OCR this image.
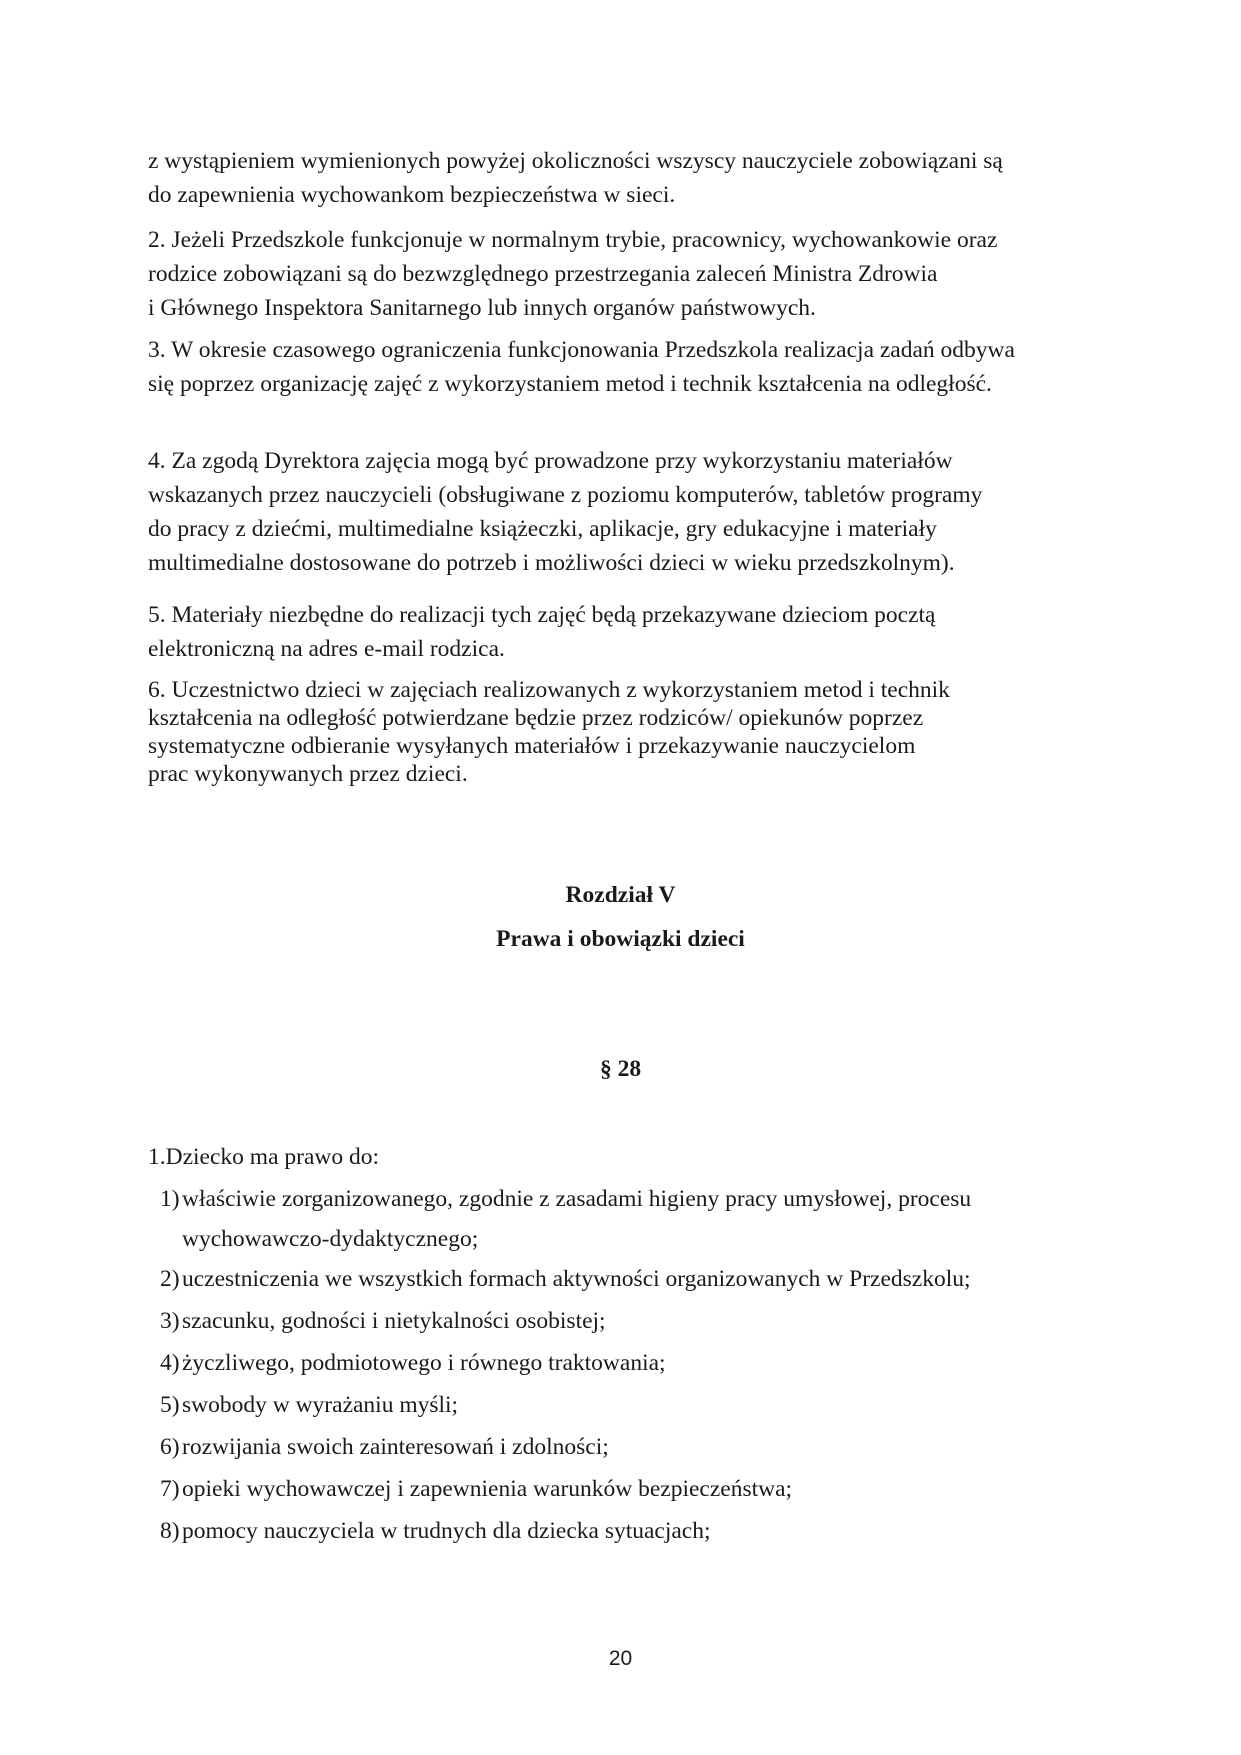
z wystąpieniem wymienionych powyżej okoliczności wszyscy nauczyciele zobowiązani są
do zapewnienia wychowankom bezpieczeństwa w sieci.
2. Jeżeli Przedszkole funkcjonuje w normalnym trybie, pracownicy, wychowankowie oraz
rodzice zobowiązani są do bezwzględnego przestrzegania zaleceń Ministra Zdrowia
i Głównego Inspektora Sanitarnego lub innych organów państwowych.
3. W okresie czasowego ograniczenia funkcjonowania Przedszkola realizacja zadań odbywa
się poprzez organizację zajęć z wykorzystaniem metod i technik kształcenia na odległość.
4. Za zgodą Dyrektora zajęcia mogą być prowadzone przy wykorzystaniu materiałów
wskazanych przez nauczycieli (obsługiwane z poziomu komputerów, tabletów programy
do pracy z dziećmi, multimedialne książeczki, aplikacje, gry edukacyjne i materiały
multimedialne dostosowane do potrzeb i możliwości dzieci w wieku przedszkolnym).
5. Materiały niezbędne do realizacji tych zajęć będą przekazywane dzieciom pocztą
elektroniczną na adres e-mail rodzica.
6. Uczestnictwo dzieci w zajęciach realizowanych z wykorzystaniem metod i technik
kształcenia na odległość potwierdzane będzie przez rodziców/ opiekunów poprzez
systematyczne odbieranie wysyłanych materiałów i przekazywanie nauczycielom
prac wykonywanych przez dzieci.
Rozdział V
Prawa i obowiązki dzieci
§ 28
1.Dziecko ma prawo do:
1) właściwie zorganizowanego, zgodnie z zasadami higieny pracy umysłowej, procesu
wychowawczo-dydaktycznego;
2) uczestniczenia we wszystkich formach aktywności organizowanych w Przedszkolu;
3) szacunku, godności i nietykalności osobistej;
4) życzliwego, podmiotowego i równego traktowania;
5) swobody w wyrażaniu myśli;
6) rozwijania swoich zainteresowań i zdolności;
7) opieki wychowawczej i zapewnienia warunków bezpieczeństwa;
8) pomocy nauczyciela w trudnych dla dziecka sytuacjach;
20
